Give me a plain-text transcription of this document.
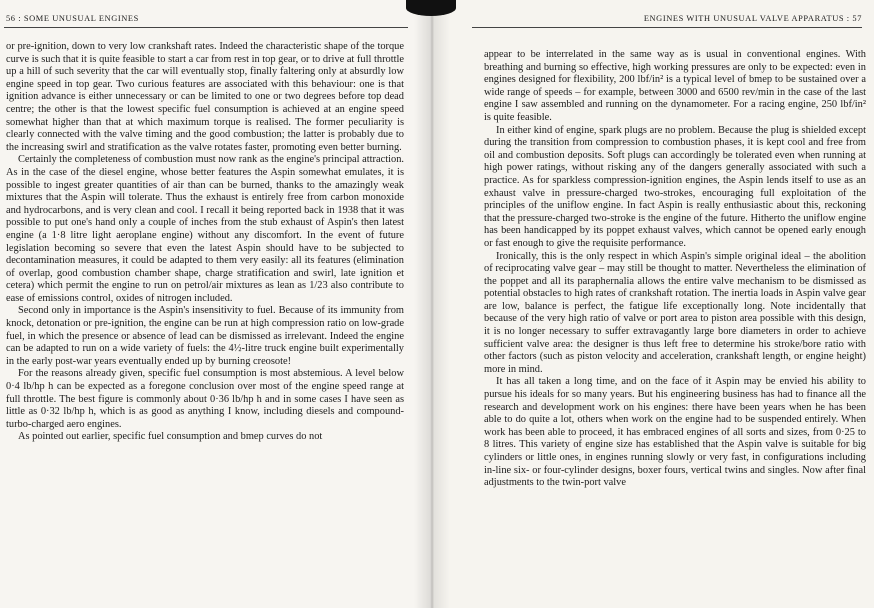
56 : SOME UNUSUAL ENGINES

or pre-ignition, down to very low crankshaft rates. Indeed the characteristic shape of the torque curve is such that it is quite feasible to start a car from rest in top gear, or to drive at full throttle up a hill of such severity that the car will eventually stop, finally faltering only at absurdly low engine speed in top gear. Two curious features are associated with this behaviour: one is that ignition advance is either unnecessary or can be limited to one or two degrees before top dead centre; the other is that the lowest specific fuel consumption is achieved at an engine speed somewhat higher than that at which maximum torque is realised. The former peculiarity is clearly connected with the valve timing and the good combustion; the latter is probably due to the increasing swirl and stratification as the valve rotates faster, promoting even better burning.

Certainly the completeness of combustion must now rank as the engine's principal attraction. As in the case of the diesel engine, whose better features the Aspin somewhat emulates, it is possible to ingest greater quantities of air than can be burned, thanks to the amazingly weak mixtures that the Aspin will tolerate. Thus the exhaust is entirely free from carbon monoxide and hydrocarbons, and is very clean and cool. I recall it being reported back in 1938 that it was possible to put one's hand only a couple of inches from the stub exhaust of Aspin's then latest engine (a 1·8 litre light aeroplane engine) without any discomfort. In the event of future legislation becoming so severe that even the latest Aspin should have to be subjected to decontamination measures, it could be adapted to them very easily: all its features (elimination of overlap, good combustion chamber shape, charge stratification and swirl, late ignition et cetera) which permit the engine to run on petrol/air mixtures as lean as 1/23 also contribute to ease of emissions control, oxides of nitrogen included.

Second only in importance is the Aspin's insensitivity to fuel. Because of its immunity from knock, detonation or pre-ignition, the engine can be run at high compression ratio on low-grade fuel, in which the presence or absence of lead can be dismissed as irrelevant. Indeed the engine can be adapted to run on a wide variety of fuels: the 4½-litre truck engine built experimentally in the early post-war years eventually ended up by burning creosote!

For the reasons already given, specific fuel consumption is most abstemious. A level below 0·4 lb/hp h can be expected as a foregone conclusion over most of the engine speed range at full throttle. The best figure is commonly about 0·36 lb/hp h and in some cases I have seen as little as 0·32 lb/hp h, which is as good as anything I know, including diesels and compound-turbo-charged aero engines.

As pointed out earlier, specific fuel consumption and bmep curves do not

ENGINES WITH UNUSUAL VALVE APPARATUS : 57

appear to be interrelated in the same way as is usual in conventional engines. With breathing and burning so effective, high working pressures are only to be expected: even in engines designed for flexibility, 200 lbf/in² is a typical level of bmep to be sustained over a wide range of speeds – for example, between 3000 and 6500 rev/min in the case of the last engine I saw assembled and running on the dynamometer. For a racing engine, 250 lbf/in² is quite feasible.

In either kind of engine, spark plugs are no problem. Because the plug is shielded except during the transition from compression to combustion phases, it is kept cool and free from oil and combustion deposits. Soft plugs can accordingly be tolerated even when running at high power ratings, without risking any of the dangers generally associated with such a practice. As for sparkless compression-ignition engines, the Aspin lends itself to use as an exhaust valve in pressure-charged two-strokes, encouraging full exploitation of the principles of the uniflow engine. In fact Aspin is really enthusiastic about this, reckoning that the pressure-charged two-stroke is the engine of the future. Hitherto the uniflow engine has been handicapped by its poppet exhaust valves, which cannot be opened early enough or fast enough to give the requisite performance.

Ironically, this is the only respect in which Aspin's simple original ideal – the abolition of reciprocating valve gear – may still be thought to matter. Nevertheless the elimination of the poppet and all its paraphernalia allows the entire valve mechanism to be dismissed as potential obstacles to high rates of crankshaft rotation. The inertia loads in Aspin valve gear are low, balance is perfect, the fatigue life exceptionally long. Note incidentally that because of the very high ratio of valve or port area to piston area possible with this design, it is no longer necessary to suffer extravagantly large bore diameters in order to achieve sufficient valve area: the designer is thus left free to determine his stroke/bore ratio with other factors (such as piston velocity and acceleration, crankshaft length, or engine height) more in mind.

It has all taken a long time, and on the face of it Aspin may be envied his ability to pursue his ideals for so many years. But his engineering business has had to finance all the research and development work on his engines: there have been years when he has been able to do quite a lot, others when work on the engine had to be suspended entirely. When work has been able to proceed, it has embraced engines of all sorts and sizes, from 0·25 to 8 litres. This variety of engine size has established that the Aspin valve is suitable for big cylinders or little ones, in engines running slowly or very fast, in configurations including in-line six- or four-cylinder designs, boxer fours, vertical twins and singles. Now after final adjustments to the twin-port valve
